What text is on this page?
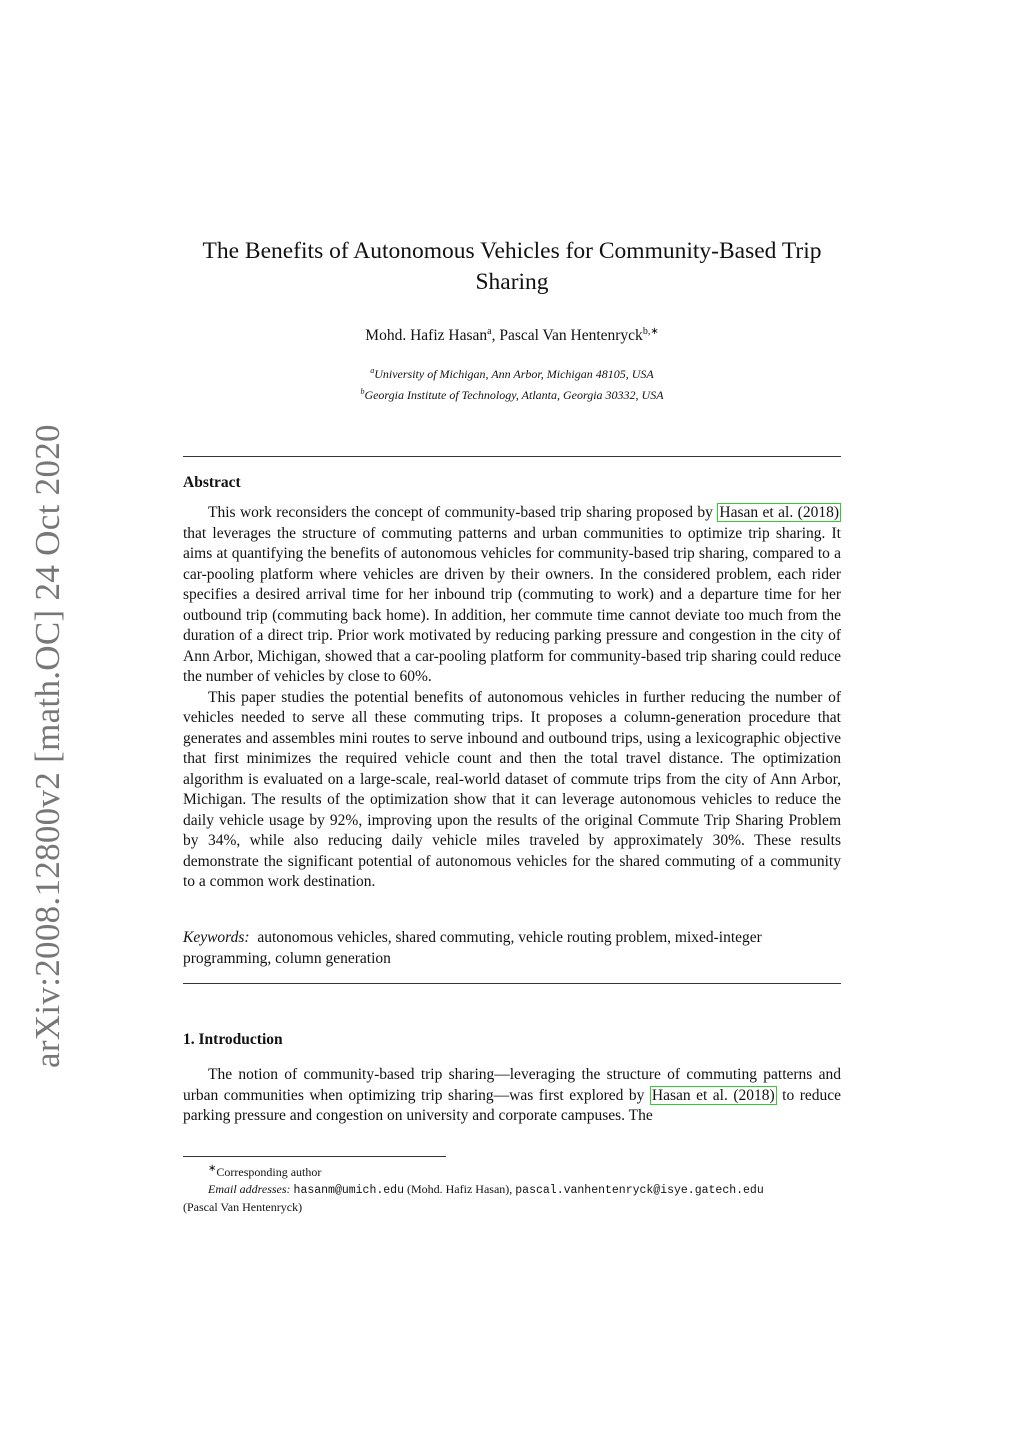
arXiv:2008.12800v2 [math.OC] 24 Oct 2020
The Benefits of Autonomous Vehicles for Community-Based Trip Sharing
Mohd. Hafiz Hasan$^a$, Pascal Van Hentenryck$^{b,∗}$
$^a$University of Michigan, Ann Arbor, Michigan 48105, USA
$^b$Georgia Institute of Technology, Atlanta, Georgia 30332, USA
Abstract

This work reconsiders the concept of community-based trip sharing proposed by Hasan et al. (2018) that leverages the structure of commuting patterns and urban communities to optimize trip sharing. It aims at quantifying the benefits of autonomous vehicles for community-based trip sharing, compared to a car-pooling platform where vehicles are driven by their owners. In the considered problem, each rider specifies a desired arrival time for her inbound trip (commuting to work) and a departure time for her outbound trip (commuting back home). In addition, her commute time cannot deviate too much from the duration of a direct trip. Prior work motivated by reducing parking pressure and congestion in the city of Ann Arbor, Michigan, showed that a car-pooling platform for community-based trip sharing could reduce the number of vehicles by close to 60%.

This paper studies the potential benefits of autonomous vehicles in further reducing the number of vehicles needed to serve all these commuting trips. It proposes a column-generation procedure that generates and assembles mini routes to serve inbound and outbound trips, using a lexicographic objective that first minimizes the required vehicle count and then the total travel distance. The optimization algorithm is evaluated on a large-scale, real-world dataset of commute trips from the city of Ann Arbor, Michigan. The results of the optimization show that it can leverage autonomous vehicles to reduce the daily vehicle usage by 92%, improving upon the results of the original Commute Trip Sharing Problem by 34%, while also reducing daily vehicle miles traveled by approximately 30%. These results demonstrate the significant potential of autonomous vehicles for the shared commuting of a community to a common work destination.

Keywords: autonomous vehicles, shared commuting, vehicle routing problem, mixed-integer programming, column generation
1. Introduction

The notion of community-based trip sharing—leveraging the structure of commuting patterns and urban communities when optimizing trip sharing—was first explored by Hasan et al. (2018) to reduce parking pressure and congestion on university and corporate campuses. The

∗Corresponding author
Email addresses: hasanm@umich.edu (Mohd. Hafiz Hasan), pascal.vanhentenryck@isye.gatech.edu
(Pascal Van Hentenryck)
